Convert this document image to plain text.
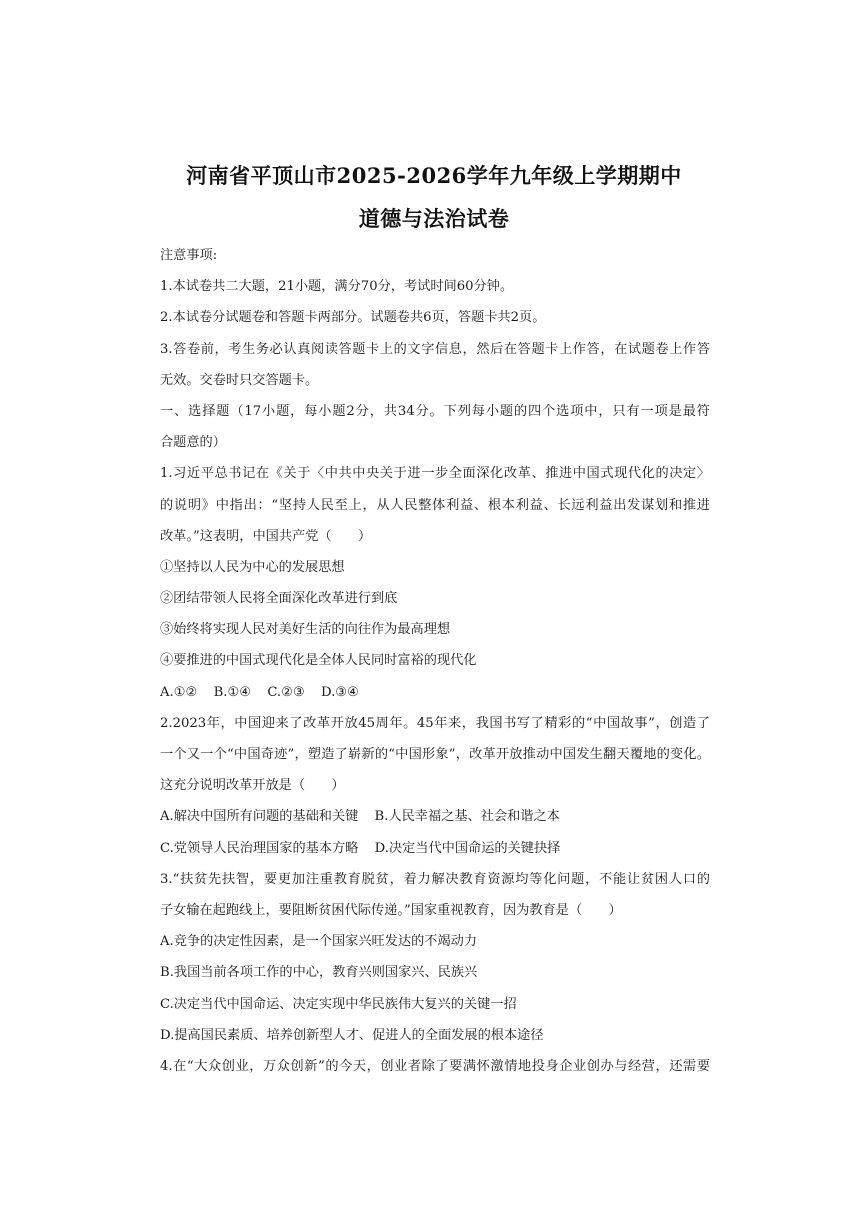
河南省平顶山市2025-2026学年九年级上学期期中
道德与法治试卷
注意事项:
1.本试卷共二大题，21小题，满分70分，考试时间60分钟。
2.本试卷分试题卷和答题卡两部分。试题卷共6页，答题卡共2页。
3.答卷前，考生务必认真阅读答题卡上的文字信息，然后在答题卡上作答，在试题卷上作答
无效。交卷时只交答题卡。
一、选择题（17小题，每小题2分，共34分。下列每小题的四个选项中，只有一项是最符
合题意的）
1.习近平总书记在《关于〈中共中央关于进一步全面深化改革、推进中国式现代化的决定〉
的说明》中指出：“坚持人民至上，从人民整体利益、根本利益、长远利益出发谋划和推进
改革。”这表明，中国共产党（　　）
①坚持以人民为中心的发展思想
②团结带领人民将全面深化改革进行到底
③始终将实现人民对美好生活的向往作为最高理想
④要推进的中国式现代化是全体人民同时富裕的现代化
A.①② B.①④ C.②③ D.③④
2.2023年，中国迎来了改革开放45周年。45年来，我国书写了精彩的“中国故事”，创造了
一个又一个“中国奇迹”，塑造了崭新的“中国形象”，改革开放推动中国发生翻天覆地的变化。
这充分说明改革开放是（　　）
A.解决中国所有问题的基础和关键 B.人民幸福之基、社会和谐之本
C.党领导人民治理国家的基本方略 D.决定当代中国命运的关键抉择
3.“扶贫先扶智，要更加注重教育脱贫，着力解决教育资源均等化问题，不能让贫困人口的
子女输在起跑线上，要阻断贫困代际传递。”国家重视教育，因为教育是（　　）
A.竞争的决定性因素，是一个国家兴旺发达的不竭动力
B.我国当前各项工作的中心，教育兴则国家兴、民族兴
C.决定当代中国命运、决定实现中华民族伟大复兴的关键一招
D.提高国民素质、培养创新型人才、促进人的全面发展的根本途径
4.在“大众创业，万众创新”的今天，创业者除了要满怀激情地投身企业创办与经营，还需要
